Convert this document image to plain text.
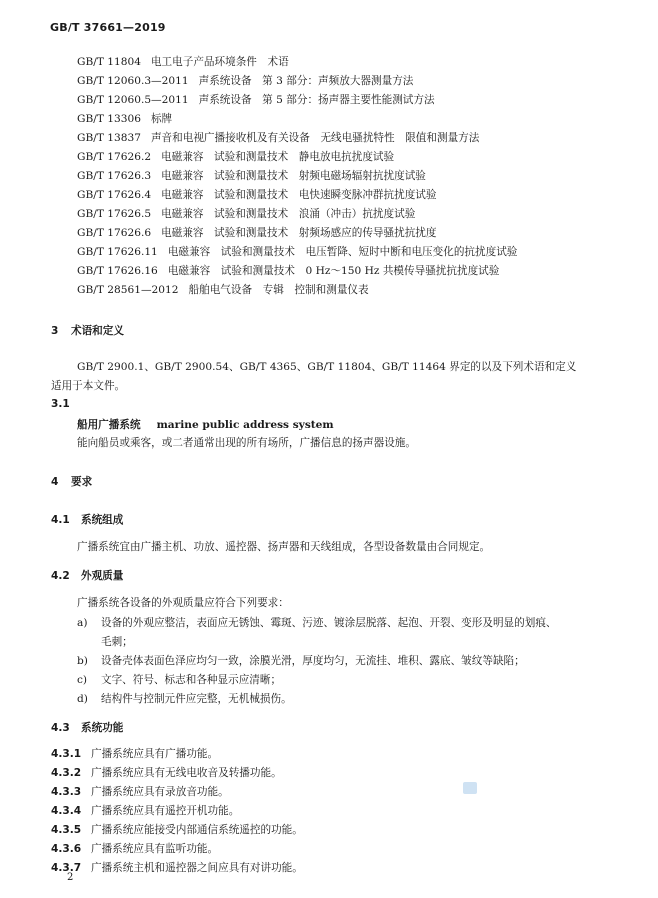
GB/T 37661—2019
GB/T 11804 电工电子产品环境条件　术语
GB/T 12060.3—2011 声系统设备　第 3 部分：声频放大器测量方法
GB/T 12060.5—2011 声系统设备　第 5 部分：扬声器主要性能测试方法
GB/T 13306 标牌
GB/T 13837 声音和电视广播接收机及有关设备　无线电骚扰特性　限值和测量方法
GB/T 17626.2 电磁兼容　试验和测量技术　静电放电抗扰度试验
GB/T 17626.3 电磁兼容　试验和测量技术　射频电磁场辐射抗扰度试验
GB/T 17626.4 电磁兼容　试验和测量技术　电快速瞬变脉冲群抗扰度试验
GB/T 17626.5 电磁兼容　试验和测量技术　浪涌（冲击）抗扰度试验
GB/T 17626.6 电磁兼容　试验和测量技术　射频场感应的传导骚扰抗扰度
GB/T 17626.11 电磁兼容　试验和测量技术　电压暂降、短时中断和电压变化的抗扰度试验
GB/T 17626.16 电磁兼容　试验和测量技术　0 Hz～150 Hz 共模传导骚扰抗扰度试验
GB/T 28561—2012 船舶电气设备　专辑　控制和测量仪表
3 术语和定义
GB/T 2900.1、GB/T 2900.54、GB/T 4365、GB/T 11804、GB/T 11464 界定的以及下列术语和定义
适用于本文件。
3.1
船用广播系统 marine public address system
能向船员或乘客，或二者通常出现的所有场所，广播信息的扬声器设施。
4 要求
4.1 系统组成
广播系统宜由广播主机、功放、遥控器、扬声器和天线组成，各型设备数量由合同规定。
4.2 外观质量
广播系统各设备的外观质量应符合下列要求：
a) 设备的外观应整洁，表面应无锈蚀、霉斑、污迹、镀涂层脱落、起泡、开裂、变形及明显的划痕、
毛刺；
b) 设备壳体表面色泽应均匀一致，涂膜光滑，厚度均匀，无流挂、堆积、露底、皱纹等缺陷；
c) 文字、符号、标志和各种显示应清晰；
d) 结构件与控制元件应完整，无机械损伤。
4.3 系统功能
4.3.1 广播系统应具有广播功能。
4.3.2 广播系统应具有无线电收音及转播功能。
4.3.3 广播系统应具有录放音功能。
4.3.4 广播系统应具有遥控开机功能。
4.3.5 广播系统应能接受内部通信系统遥控的功能。
4.3.6 广播系统应具有监听功能。
4.3.7 广播系统主机和遥控器之间应具有对讲功能。
2
